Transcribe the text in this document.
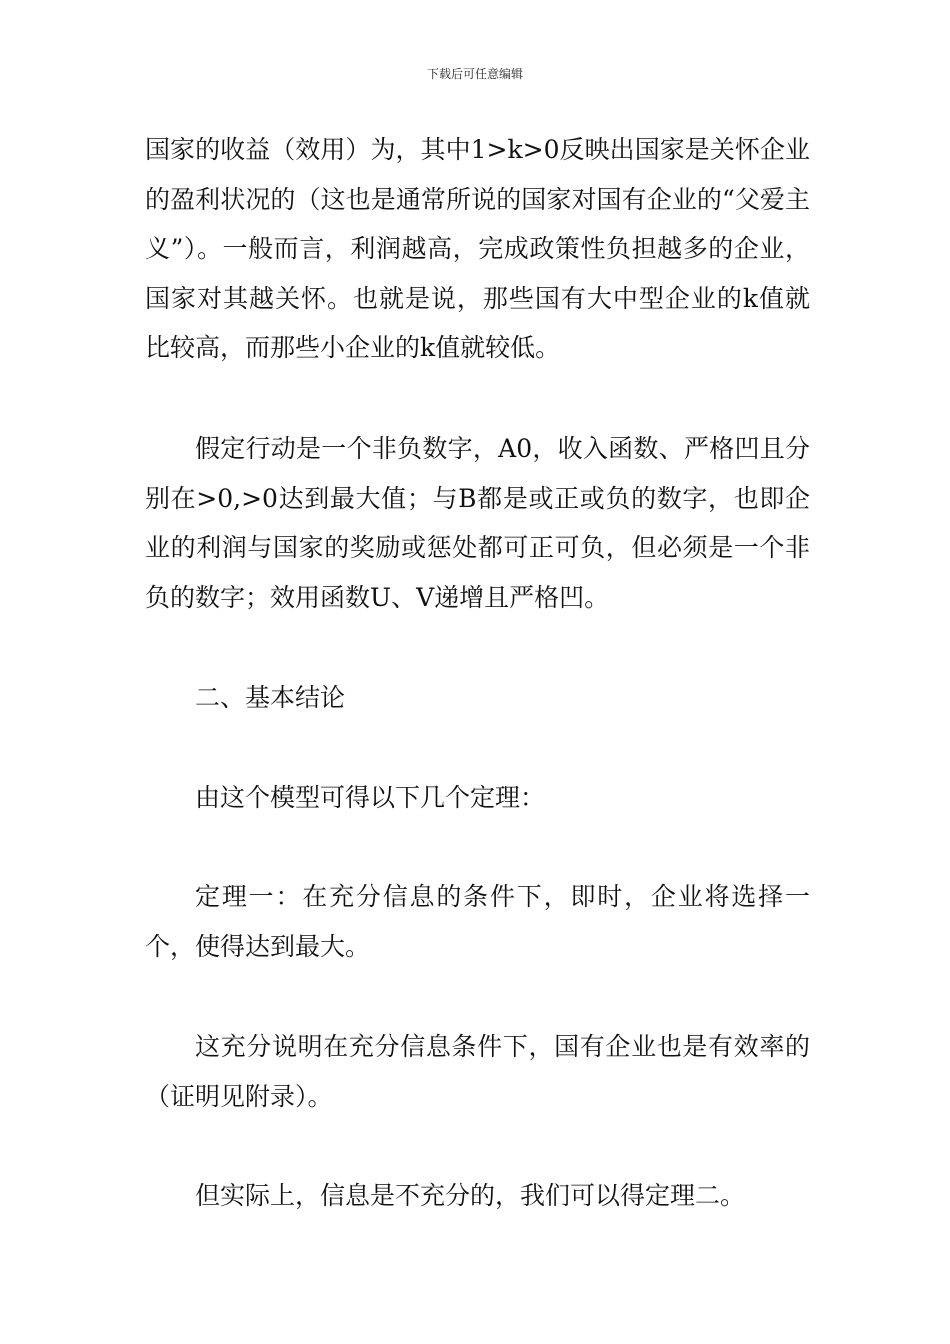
下载后可任意编辑

国家的收益（效用）为，其中1>k>0反映出国家是关怀企业的盈利状况的（这也是通常所说的国家对国有企业的“父爱主义”）。一般而言，利润越高，完成政策性负担越多的企业，国家对其越关怀。也就是说，那些国有大中型企业的k值就比较高，而那些小企业的k值就较低。

假定行动是一个非负数字，A0，收入函数、严格凹且分别在>0,>0达到最大值；与B都是或正或负的数字，也即企业的利润与国家的奖励或惩处都可正可负，但必须是一个非负的数字；效用函数U、V递增且严格凹。

二、基本结论

由这个模型可得以下几个定理：

定理一：在充分信息的条件下，即时，企业将选择一个，使得达到最大。

这充分说明在充分信息条件下，国有企业也是有效率的（证明见附录）。

但实际上，信息是不充分的，我们可以得定理二。
